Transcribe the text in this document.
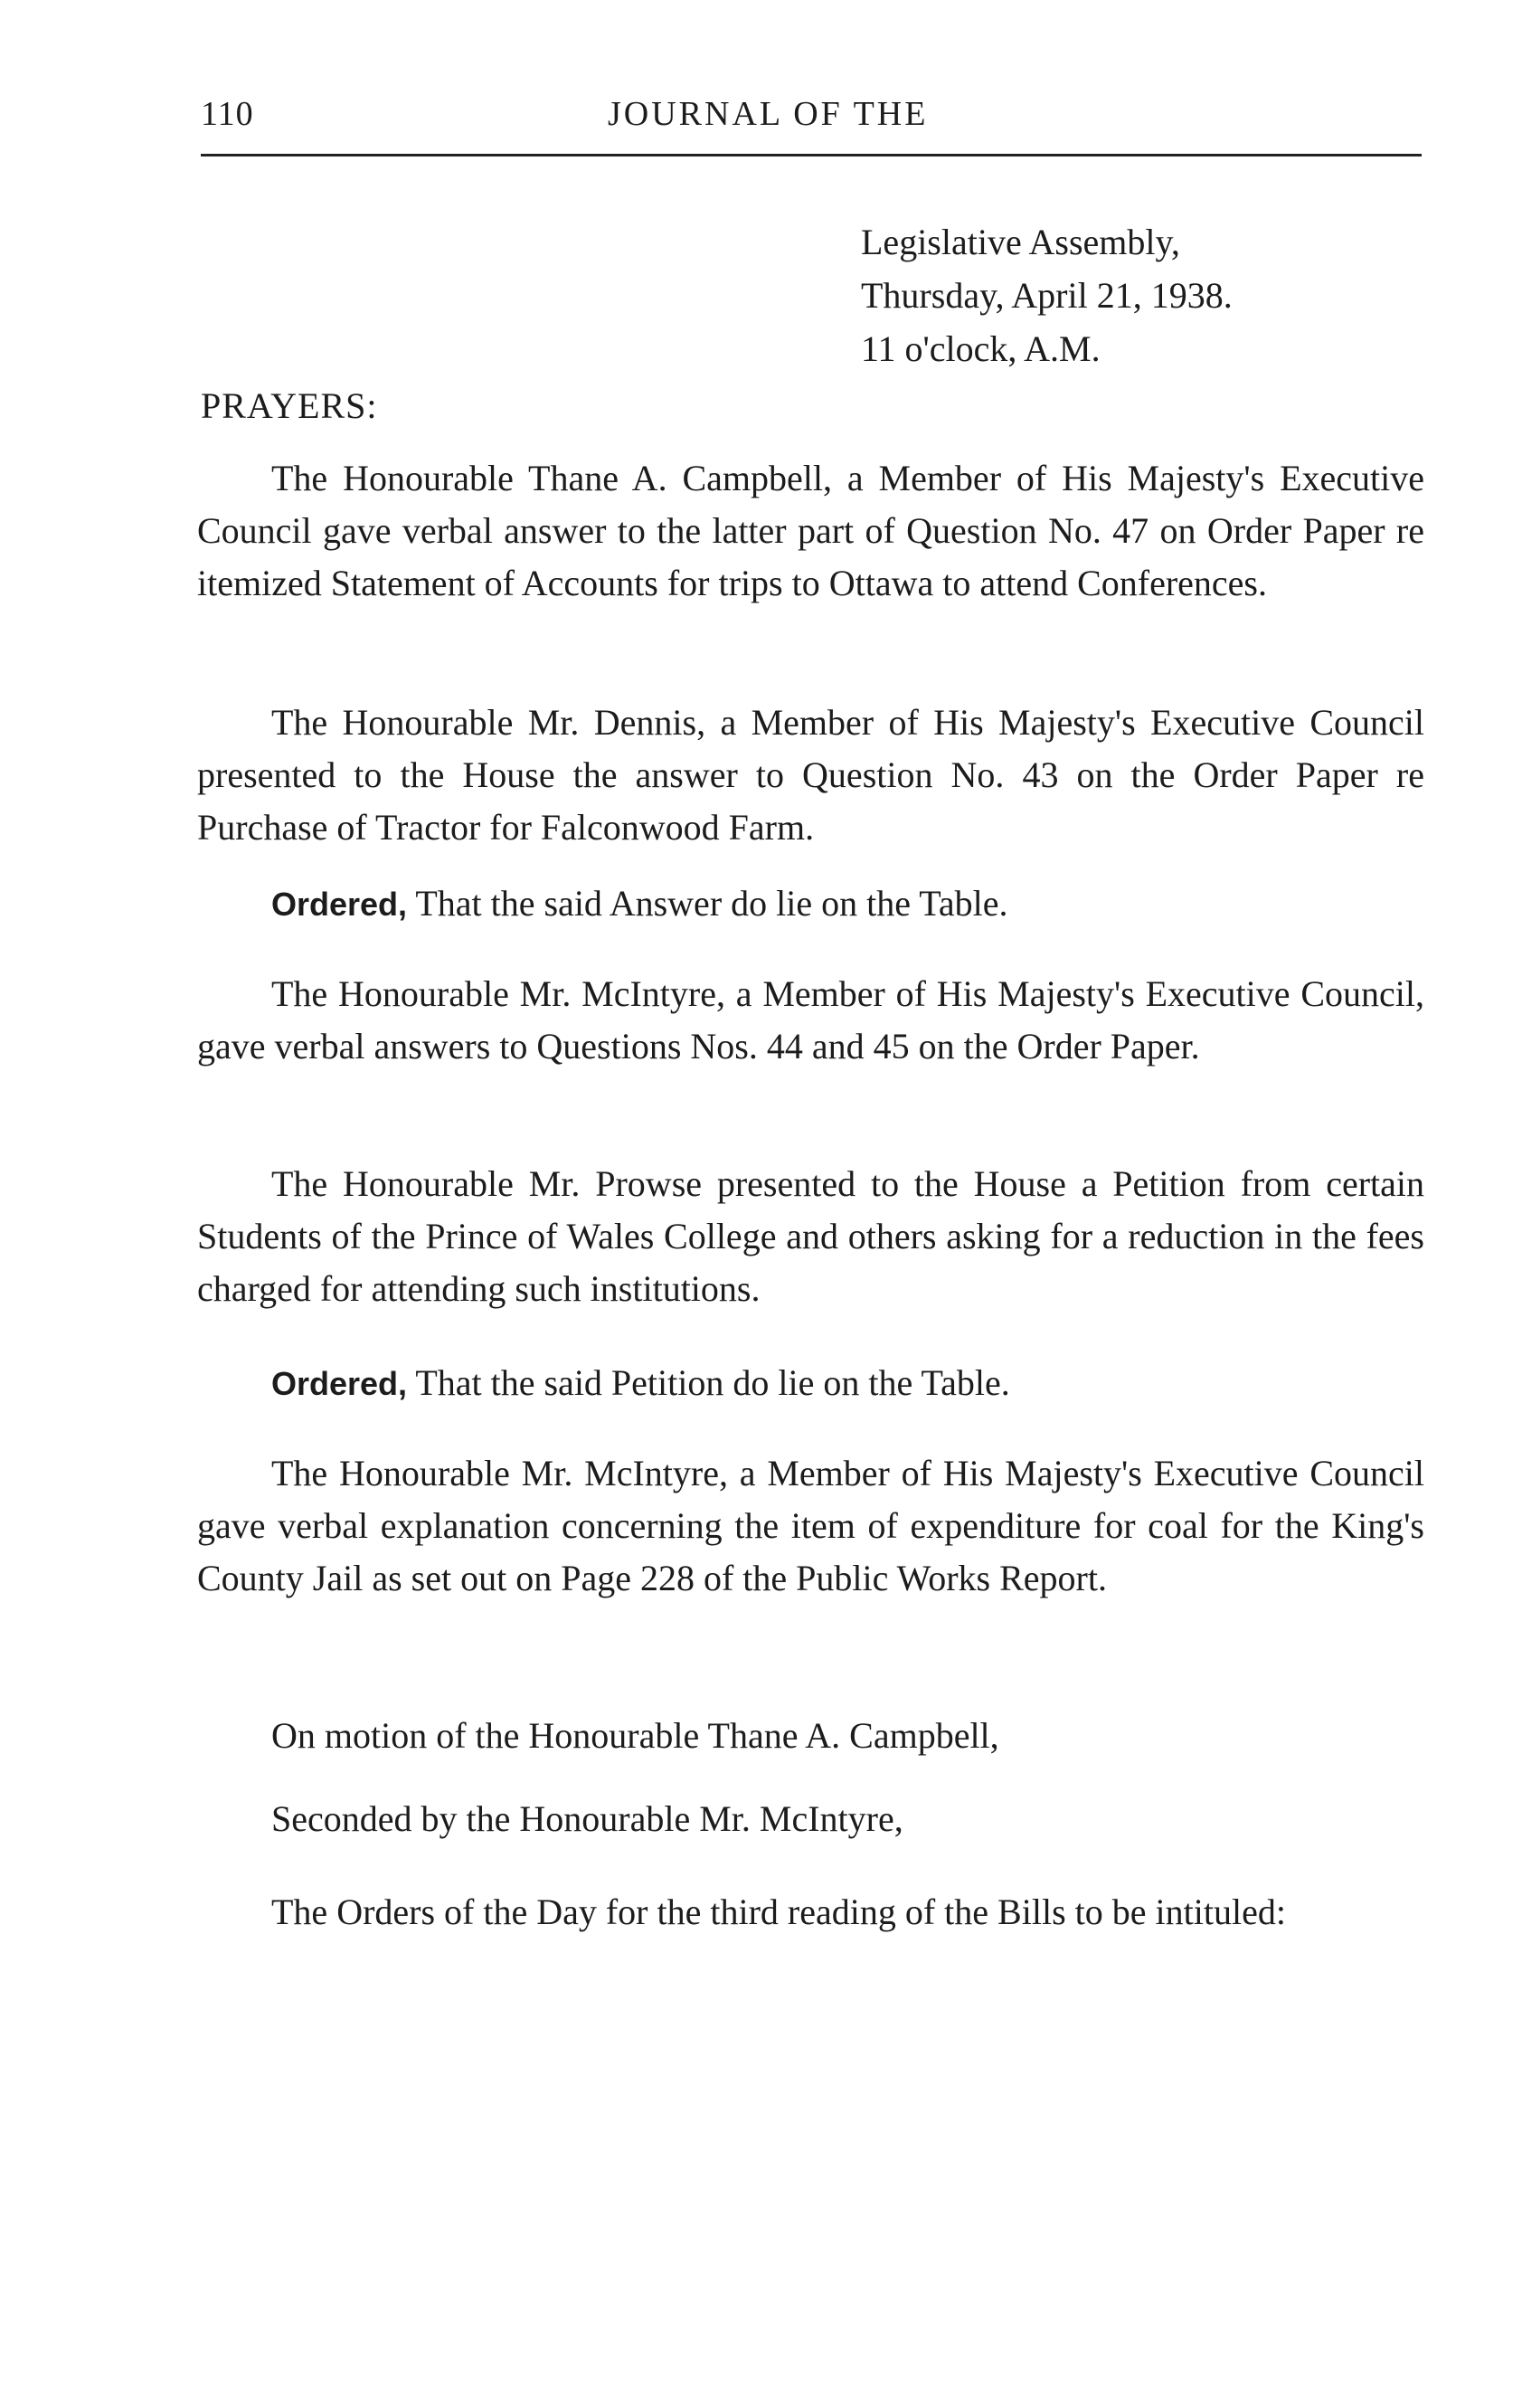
110	JOURNAL OF THE
Legislative Assembly,
Thursday, April 21, 1938.
11 o'clock, A.M.
PRAYERS:
The Honourable Thane A. Campbell, a Member of His Majesty's Executive Council gave verbal answer to the latter part of Question No. 47 on Order Paper re itemized Statement of Accounts for trips to Ottawa to attend Conferences.
The Honourable Mr. Dennis, a Member of His Majesty's Executive Council presented to the House the answer to Question No. 43 on the Order Paper re Purchase of Tractor for Falconwood Farm.
Ordered, That the said Answer do lie on the Table.
The Honourable Mr. McIntyre, a Member of His Majesty's Executive Council, gave verbal answers to Questions Nos. 44 and 45 on the Order Paper.
The Honourable Mr. Prowse presented to the House a Petition from certain Students of the Prince of Wales College and others asking for a reduction in the fees charged for attending such institutions.
Ordered, That the said Petition do lie on the Table.
The Honourable Mr. McIntyre, a Member of His Majesty's Executive Council gave verbal explanation concerning the item of expenditure for coal for the King's County Jail as set out on Page 228 of the Public Works Report.
On motion of the Honourable Thane A. Campbell,
Seconded by the Honourable Mr. McIntyre,
The Orders of the Day for the third reading of the Bills to be intituled:
